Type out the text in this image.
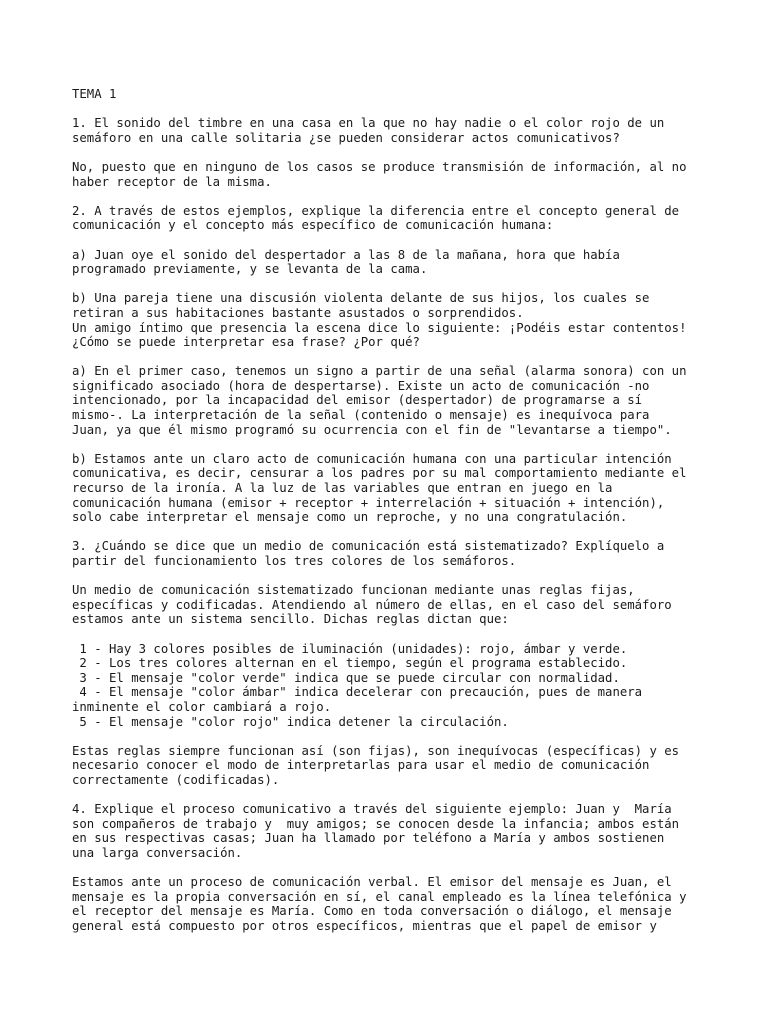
TEMA 1
1. El sonido del timbre en una casa en la que no hay nadie o el color rojo de un
semáforo en una calle solitaria ¿se pueden considerar actos comunicativos?
No, puesto que en ninguno de los casos se produce transmisión de información, al no
haber receptor de la misma.
2. A través de estos ejemplos, explique la diferencia entre el concepto general de
comunicación y el concepto más específico de comunicación humana:
a) Juan oye el sonido del despertador a las 8 de la mañana, hora que había
programado previamente, y se levanta de la cama.
b) Una pareja tiene una discusión violenta delante de sus hijos, los cuales se
retiran a sus habitaciones bastante asustados o sorprendidos.
Un amigo íntimo que presencia la escena dice lo siguiente: ¡Podéis estar contentos!
¿Cómo se puede interpretar esa frase? ¿Por qué?
a) En el primer caso, tenemos un signo a partir de una señal (alarma sonora) con un
significado asociado (hora de despertarse). Existe un acto de comunicación -no
intencionado, por la incapacidad del emisor (despertador) de programarse a sí
mismo-. La interpretación de la señal (contenido o mensaje) es inequívoca para
Juan, ya que él mismo programó su ocurrencia con el fin de "levantarse a tiempo".
b) Estamos ante un claro acto de comunicación humana con una particular intención
comunicativa, es decir, censurar a los padres por su mal comportamiento mediante el
recurso de la ironía. A la luz de las variables que entran en juego en la
comunicación humana (emisor + receptor + interrelación + situación + intención),
solo cabe interpretar el mensaje como un reproche, y no una congratulación.
3. ¿Cuándo se dice que un medio de comunicación está sistematizado? Explíquelo a
partir del funcionamiento los tres colores de los semáforos.
Un medio de comunicación sistematizado funcionan mediante unas reglas fijas,
específicas y codificadas. Atendiendo al número de ellas, en el caso del semáforo
estamos ante un sistema sencillo. Dichas reglas dictan que:
1 - Hay 3 colores posibles de iluminación (unidades): rojo, ámbar y verde.
2 - Los tres colores alternan en el tiempo, según el programa establecido.
3 - El mensaje "color verde" indica que se puede circular con normalidad.
4 - El mensaje "color ámbar" indica decelerar con precaución, pues de manera
inminente el color cambiará a rojo.
5 - El mensaje "color rojo" indica detener la circulación.
Estas reglas siempre funcionan así (son fijas), son inequívocas (específicas) y es
necesario conocer el modo de interpretarlas para usar el medio de comunicación
correctamente (codificadas).
4. Explique el proceso comunicativo a través del siguiente ejemplo: Juan y  María
son compañeros de trabajo y  muy amigos; se conocen desde la infancia; ambos están
en sus respectivas casas; Juan ha llamado por teléfono a María y ambos sostienen
una larga conversación.
Estamos ante un proceso de comunicación verbal. El emisor del mensaje es Juan, el
mensaje es la propia conversación en sí, el canal empleado es la línea telefónica y
el receptor del mensaje es María. Como en toda conversación o diálogo, el mensaje
general está compuesto por otros específicos, mientras que el papel de emisor y
